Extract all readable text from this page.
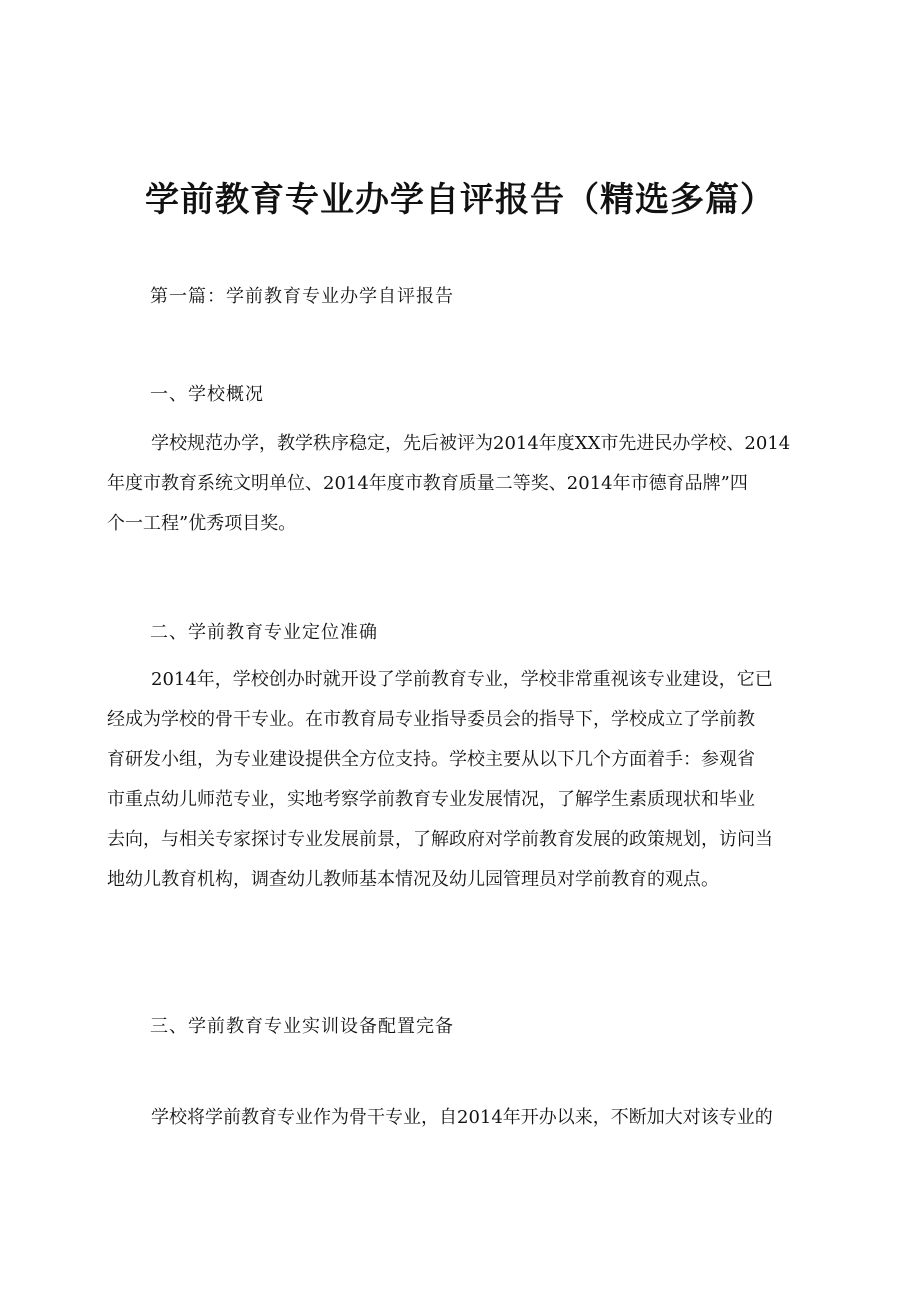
学前教育专业办学自评报告（精选多篇）
第一篇：学前教育专业办学自评报告
一、学校概况
学校规范办学，教学秩序稳定，先后被评为2014年度XX市先进民办学校、2014
年度市教育系统文明单位、2014年度市教育质量二等奖、2014年市德育品牌”四
个一工程”优秀项目奖。
二、学前教育专业定位准确
2014年，学校创办时就开设了学前教育专业，学校非常重视该专业建设，它已
经成为学校的骨干专业。在市教育局专业指导委员会的指导下，学校成立了学前教
育研发小组，为专业建设提供全方位支持。学校主要从以下几个方面着手：参观省
市重点幼儿师范专业，实地考察学前教育专业发展情况，了解学生素质现状和毕业
去向，与相关专家探讨专业发展前景，了解政府对学前教育发展的政策规划，访问当
地幼儿教育机构，调查幼儿教师基本情况及幼儿园管理员对学前教育的观点。
三、学前教育专业实训设备配置完备
学校将学前教育专业作为骨干专业，自2014年开办以来，不断加大对该专业的
